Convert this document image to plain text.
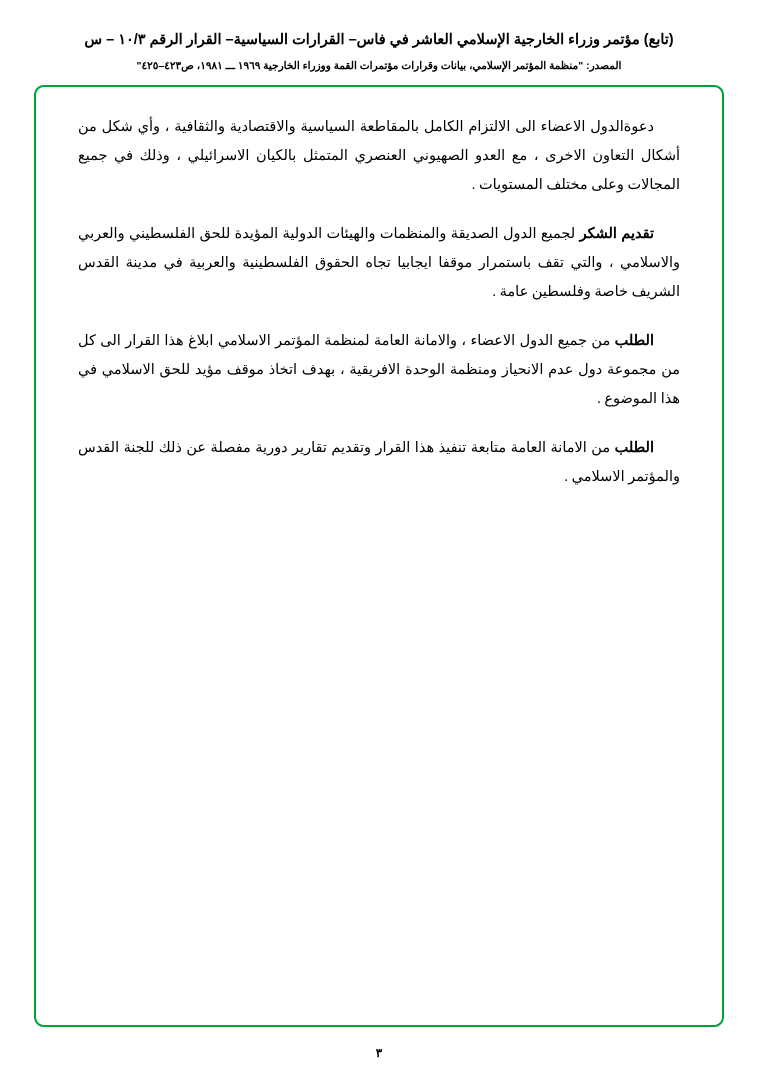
(تابع) مؤتمر وزراء الخارجية الإسلامي العاشر في فاس– القرارات السياسية– القرار الرقم ١٠/٣ – س
المصدر: "منظمة المؤتمر الإسلامي، بيانات وقرارات مؤتمرات القمة ووزراء الخارجية ١٩٦٩ ـــ ١٩٨١، ص٤٢٣–٤٢٥"

دعوةالدول الاعضاء الى الالتزام الكامل بالمقاطعة السياسية والاقتصادية والثقافية ، وأي شكل من أشكال التعاون الاخرى ، مع العدو الصهيوني العنصري المتمثل بالكيان الاسرائيلي ، وذلك في جميع المجالات وعلى مختلف المستويات .

تقديم الشكر لجميع الدول الصديقة والمنظمات والهيئات الدولية المؤيدة للحق الفلسطيني والعربي والاسلامي ، والتي تقف باستمرار موقفا ايجابيا تجاه الحقوق الفلسطينية والعربية في مدينة القدس الشريف خاصة وفلسطين عامة .

الطلب من جميع الدول الاعضاء ، والامانة العامة لمنظمة المؤتمر الاسلامي ابلاغ هذا القرار الى كل من مجموعة دول عدم الانحياز ومنظمة الوحدة الافريقية ، بهدف اتخاذ موقف مؤيد للحق الاسلامي في هذا الموضوع .

الطلب من الامانة العامة متابعة تنفيذ هذا القرار وتقديم تقارير دورية مفصلة عن ذلك للجنة القدس والمؤتمر الاسلامي .

٣
